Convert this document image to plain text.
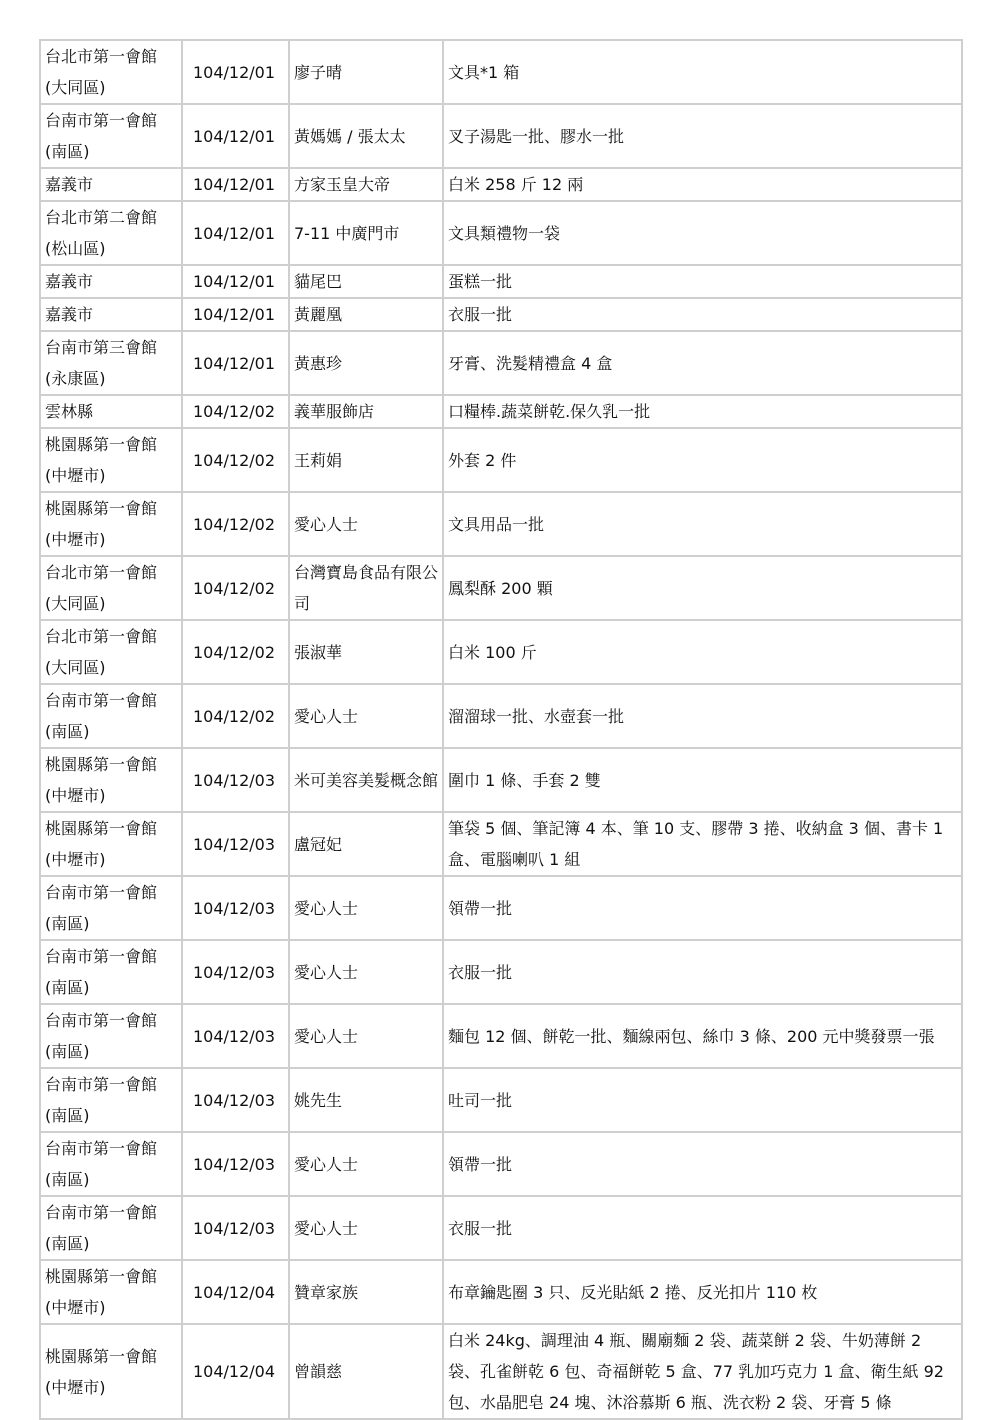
台北市第一會館(大同區)	104/12/01	廖子晴	文具*1 箱
台南市第一會館(南區)	104/12/01	黃媽媽 / 張太太	叉子湯匙一批、膠水一批
嘉義市	104/12/01	方家玉皇大帝	白米 258 斤 12 兩
台北市第二會館(松山區)	104/12/01	7-11 中廣門市	文具類禮物一袋
嘉義市	104/12/01	貓尾巴	蛋糕一批
嘉義市	104/12/01	黃麗凰	衣服一批
台南市第三會館(永康區)	104/12/01	黃惠珍	牙膏、洗髮精禮盒 4 盒
雲林縣	104/12/02	義華服飾店	口糧棒.蔬菜餅乾.保久乳一批
桃園縣第一會館(中壢市)	104/12/02	王莉娟	外套 2 件
桃園縣第一會館(中壢市)	104/12/02	愛心人士	文具用品一批
台北市第一會館(大同區)	104/12/02	台灣寶島食品有限公司	鳳梨酥 200 顆
台北市第一會館(大同區)	104/12/02	張淑華	白米 100 斤
台南市第一會館(南區)	104/12/02	愛心人士	溜溜球一批、水壺套一批
桃園縣第一會館(中壢市)	104/12/03	米可美容美髮概念館	圍巾 1 條、手套 2 雙
桃園縣第一會館(中壢市)	104/12/03	盧冠妃	筆袋 5 個、筆記簿 4 本、筆 10 支、膠帶 3 捲、收納盒 3 個、書卡 1 盒、電腦喇叭 1 組
台南市第一會館(南區)	104/12/03	愛心人士	領帶一批
台南市第一會館(南區)	104/12/03	愛心人士	衣服一批
台南市第一會館(南區)	104/12/03	愛心人士	麵包 12 個、餅乾一批、麵線兩包、絲巾 3 條、200 元中獎發票一張
台南市第一會館(南區)	104/12/03	姚先生	吐司一批
台南市第一會館(南區)	104/12/03	愛心人士	領帶一批
台南市第一會館(南區)	104/12/03	愛心人士	衣服一批
桃園縣第一會館(中壢市)	104/12/04	贊章家族	布章鑰匙圈 3 只、反光貼紙 2 捲、反光扣片 110 枚
桃園縣第一會館(中壢市)	104/12/04	曾韻慈	白米 24kg、調理油 4 瓶、關廟麵 2 袋、蔬菜餅 2 袋、牛奶薄餅 2 袋、孔雀餅乾 6 包、奇福餅乾 5 盒、77 乳加巧克力 1 盒、衛生紙 92 包、水晶肥皂 24 塊、沐浴慕斯 6 瓶、洗衣粉 2 袋、牙膏 5 條
